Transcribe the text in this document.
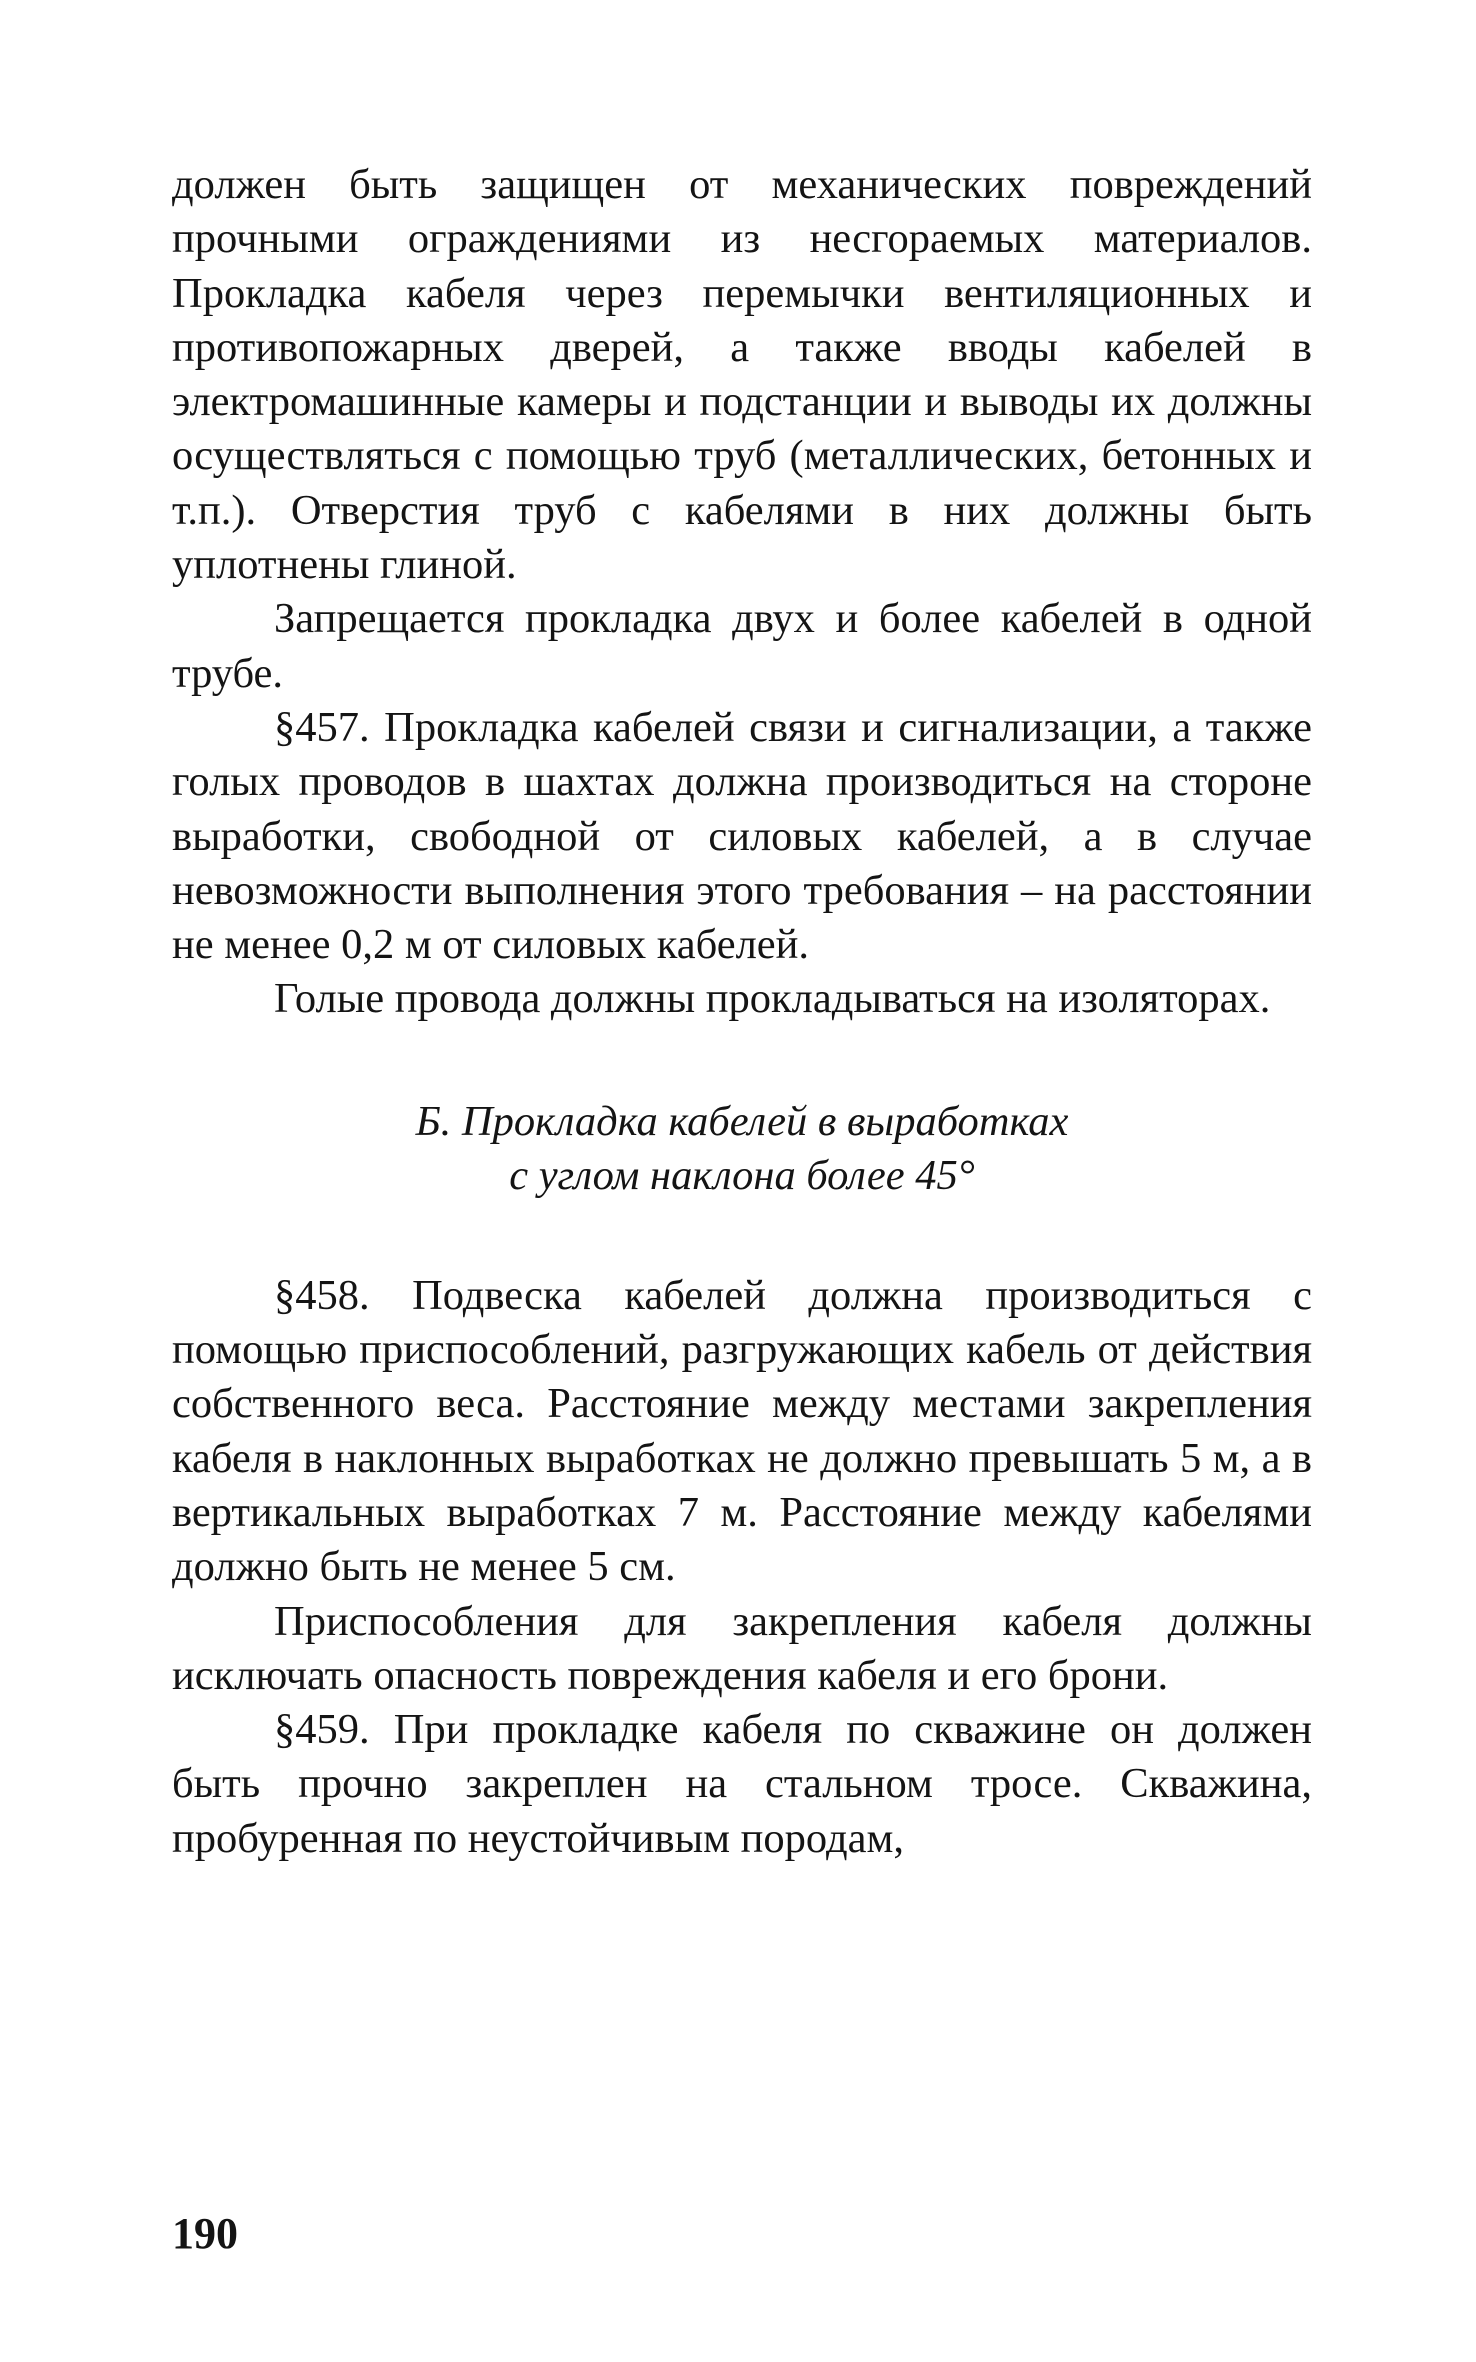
должен быть защищен от механических повреждений прочными ограждениями из несгораемых материалов. Прокладка кабеля через перемычки вентиляционных и противопожарных дверей, а также вводы кабелей в электромашинные камеры и подстанции и выводы их должны осуществляться с помощью труб (металлических, бетонных и т.п.). Отверстия труб с кабелями в них должны быть уплотнены глиной.

Запрещается прокладка двух и более кабелей в одной трубе.

§457. Прокладка кабелей связи и сигнализации, а также голых проводов в шахтах должна производиться на стороне выработки, свободной от силовых кабелей, а в случае невозможности выполнения этого требования – на расстоянии не менее 0,2 м от силовых кабелей.

Голые провода должны прокладываться на изоляторах.

Б. Прокладка кабелей в выработках
с углом наклона более 45°

§458. Подвеска кабелей должна производиться с помощью приспособлений, разгружающих кабель от действия собственного веса. Расстояние между местами закрепления кабеля в наклонных выработках не должно превышать 5 м, а в вертикальных выработках 7 м. Расстояние между кабелями должно быть не менее 5 см.

Приспособления для закрепления кабеля должны исключать опасность повреждения кабеля и его брони.

§459. При прокладке кабеля по скважине он должен быть прочно закреплен на стальном тросе. Скважина, пробуренная по неустойчивым породам,

190
